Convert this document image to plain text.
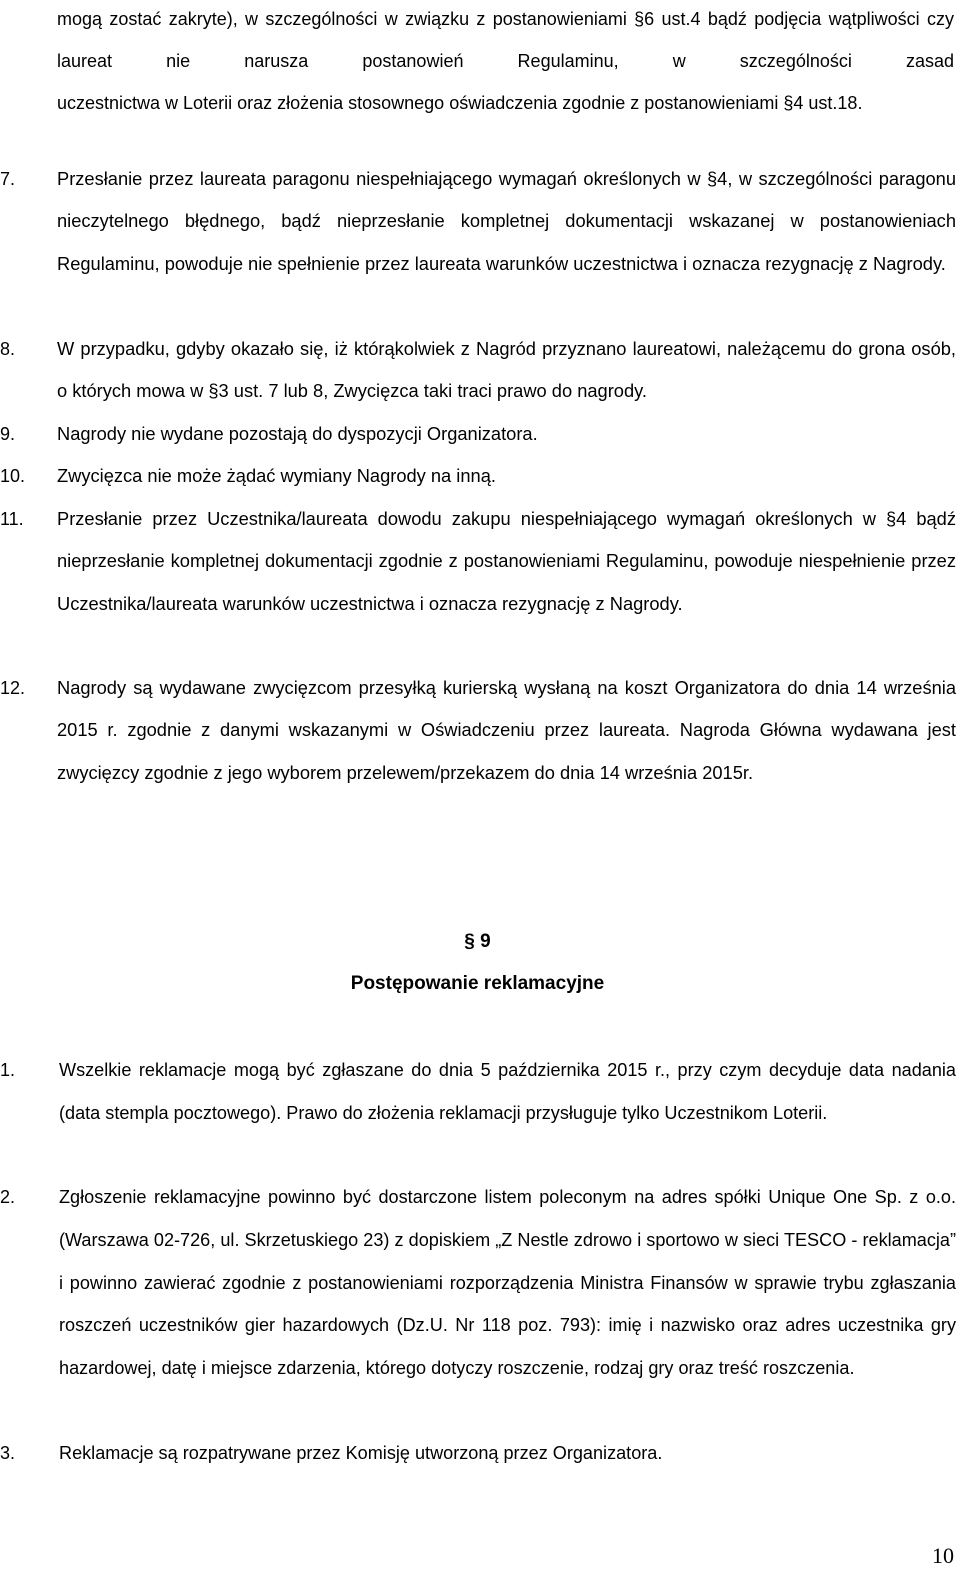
mogą zostać zakryte), w szczególności w związku z postanowieniami §6 ust.4 bądź podjęcia wątpliwości czy laureat nie narusza postanowień Regulaminu, w szczególności zasad

uczestnictwa w Loterii oraz złożenia stosownego oświadczenia zgodnie z postanowieniami §4 ust.18.

7. Przesłanie przez laureata paragonu niespełniającego wymagań określonych w §4, w szczególności paragonu nieczytelnego błędnego, bądź nieprzesłanie kompletnej dokumentacji wskazanej w postanowieniach Regulaminu, powoduje nie spełnienie przez laureata warunków uczestnictwa i oznacza rezygnację z Nagrody.

8. W przypadku, gdyby okazało się, iż którąkolwiek z Nagród przyznano laureatowi, należącemu do grona osób, o których mowa w §3 ust. 7 lub 8, Zwycięzca taki traci prawo do nagrody.

9. Nagrody nie wydane pozostają do dyspozycji Organizatora.

10. Zwycięzca nie może żądać wymiany Nagrody na inną.

11. Przesłanie przez Uczestnika/laureata dowodu zakupu niespełniającego wymagań określonych w §4 bądź nieprzesłanie kompletnej dokumentacji zgodnie z postanowieniami Regulaminu, powoduje niespełnienie przez Uczestnika/laureata warunków uczestnictwa i oznacza rezygnację z Nagrody.

12. Nagrody są wydawane zwycięzcom przesyłką kurierską wysłaną na koszt Organizatora do dnia 14 września 2015 r. zgodnie z danymi wskazanymi w Oświadczeniu przez laureata. Nagroda Główna wydawana jest zwycięzcy zgodnie z jego wyborem przelewem/przekazem do dnia 14 września 2015r.

§ 9
Postępowanie reklamacyjne
1. Wszelkie reklamacje mogą być zgłaszane do dnia 5 października 2015 r., przy czym decyduje data nadania (data stempla pocztowego). Prawo do złożenia reklamacji przysługuje tylko Uczestnikom Loterii.

2. Zgłoszenie reklamacyjne powinno być dostarczone listem poleconym na adres spółki Unique One Sp. z o.o. (Warszawa 02-726, ul. Skrzetuskiego 23) z dopiskiem „Z Nestle zdrowo i sportowo w sieci TESCO - reklamacja” i powinno zawierać zgodnie z postanowieniami rozporządzenia Ministra Finansów w sprawie trybu zgłaszania roszczeń uczestników gier hazardowych (Dz.U. Nr 118 poz. 793): imię i nazwisko oraz adres uczestnika gry hazardowej, datę i miejsce zdarzenia, którego dotyczy roszczenie, rodzaj gry oraz treść roszczenia.

3. Reklamacje są rozpatrywane przez Komisję utworzoną przez Organizatora.

10
